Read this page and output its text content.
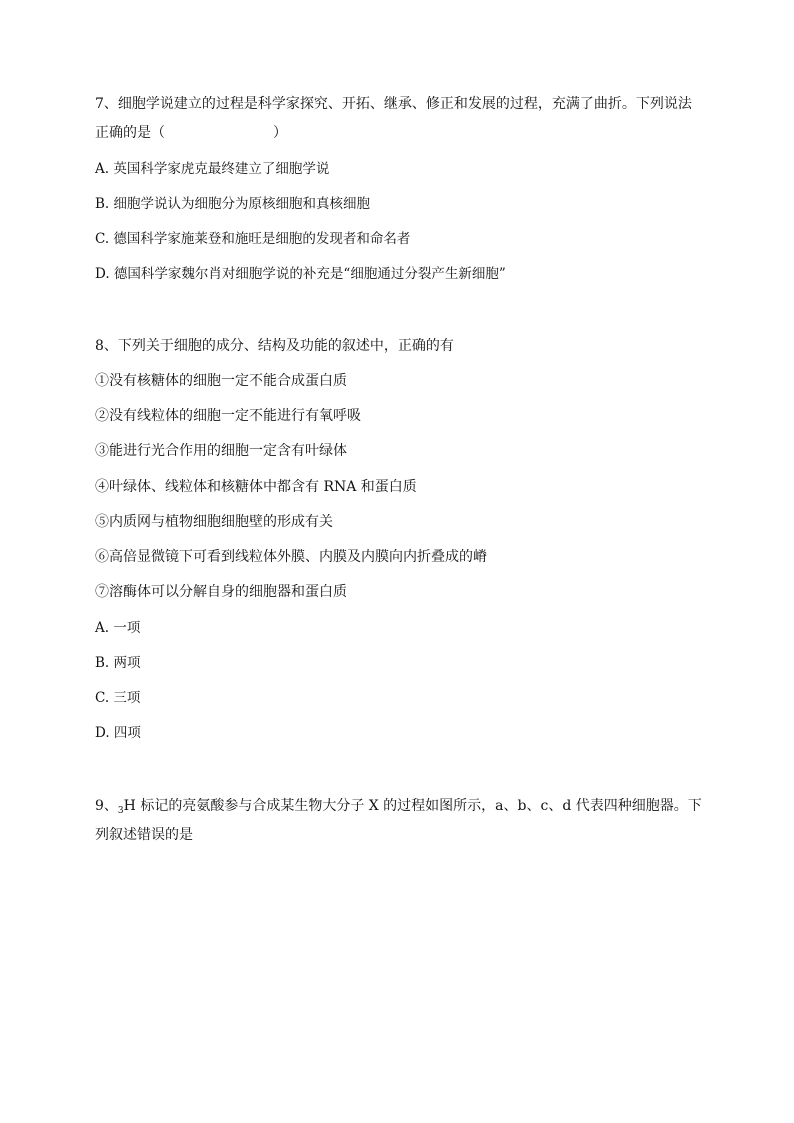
7、细胞学说建立的过程是科学家探究、开拓、继承、修正和发展的过程，充满了曲折。下列说法
正确的是（	）
A. 英国科学家虎克最终建立了细胞学说
B. 细胞学说认为细胞分为原核细胞和真核细胞
C. 德国科学家施莱登和施旺是细胞的发现者和命名者
D. 德国科学家魏尔肖对细胞学说的补充是“细胞通过分裂产生新细胞”
8、下列关于细胞的成分、结构及功能的叙述中，正确的有
①没有核糖体的细胞一定不能合成蛋白质
②没有线粒体的细胞一定不能进行有氧呼吸
③能进行光合作用的细胞一定含有叶绿体
④叶绿体、线粒体和核糖体中都含有 RNA 和蛋白质
⑤内质网与植物细胞细胞壁的形成有关
⑥高倍显微镜下可看到线粒体外膜、内膜及内膜向内折叠成的嵴
⑦溶酶体可以分解自身的细胞器和蛋白质
A. 一项
B. 两项
C. 三项
D. 四项
9、$_3$H 标记的亮氨酸参与合成某生物大分子 X 的过程如图所示，a、b、c、d 代表四种细胞器。下
列叙述错误的是
